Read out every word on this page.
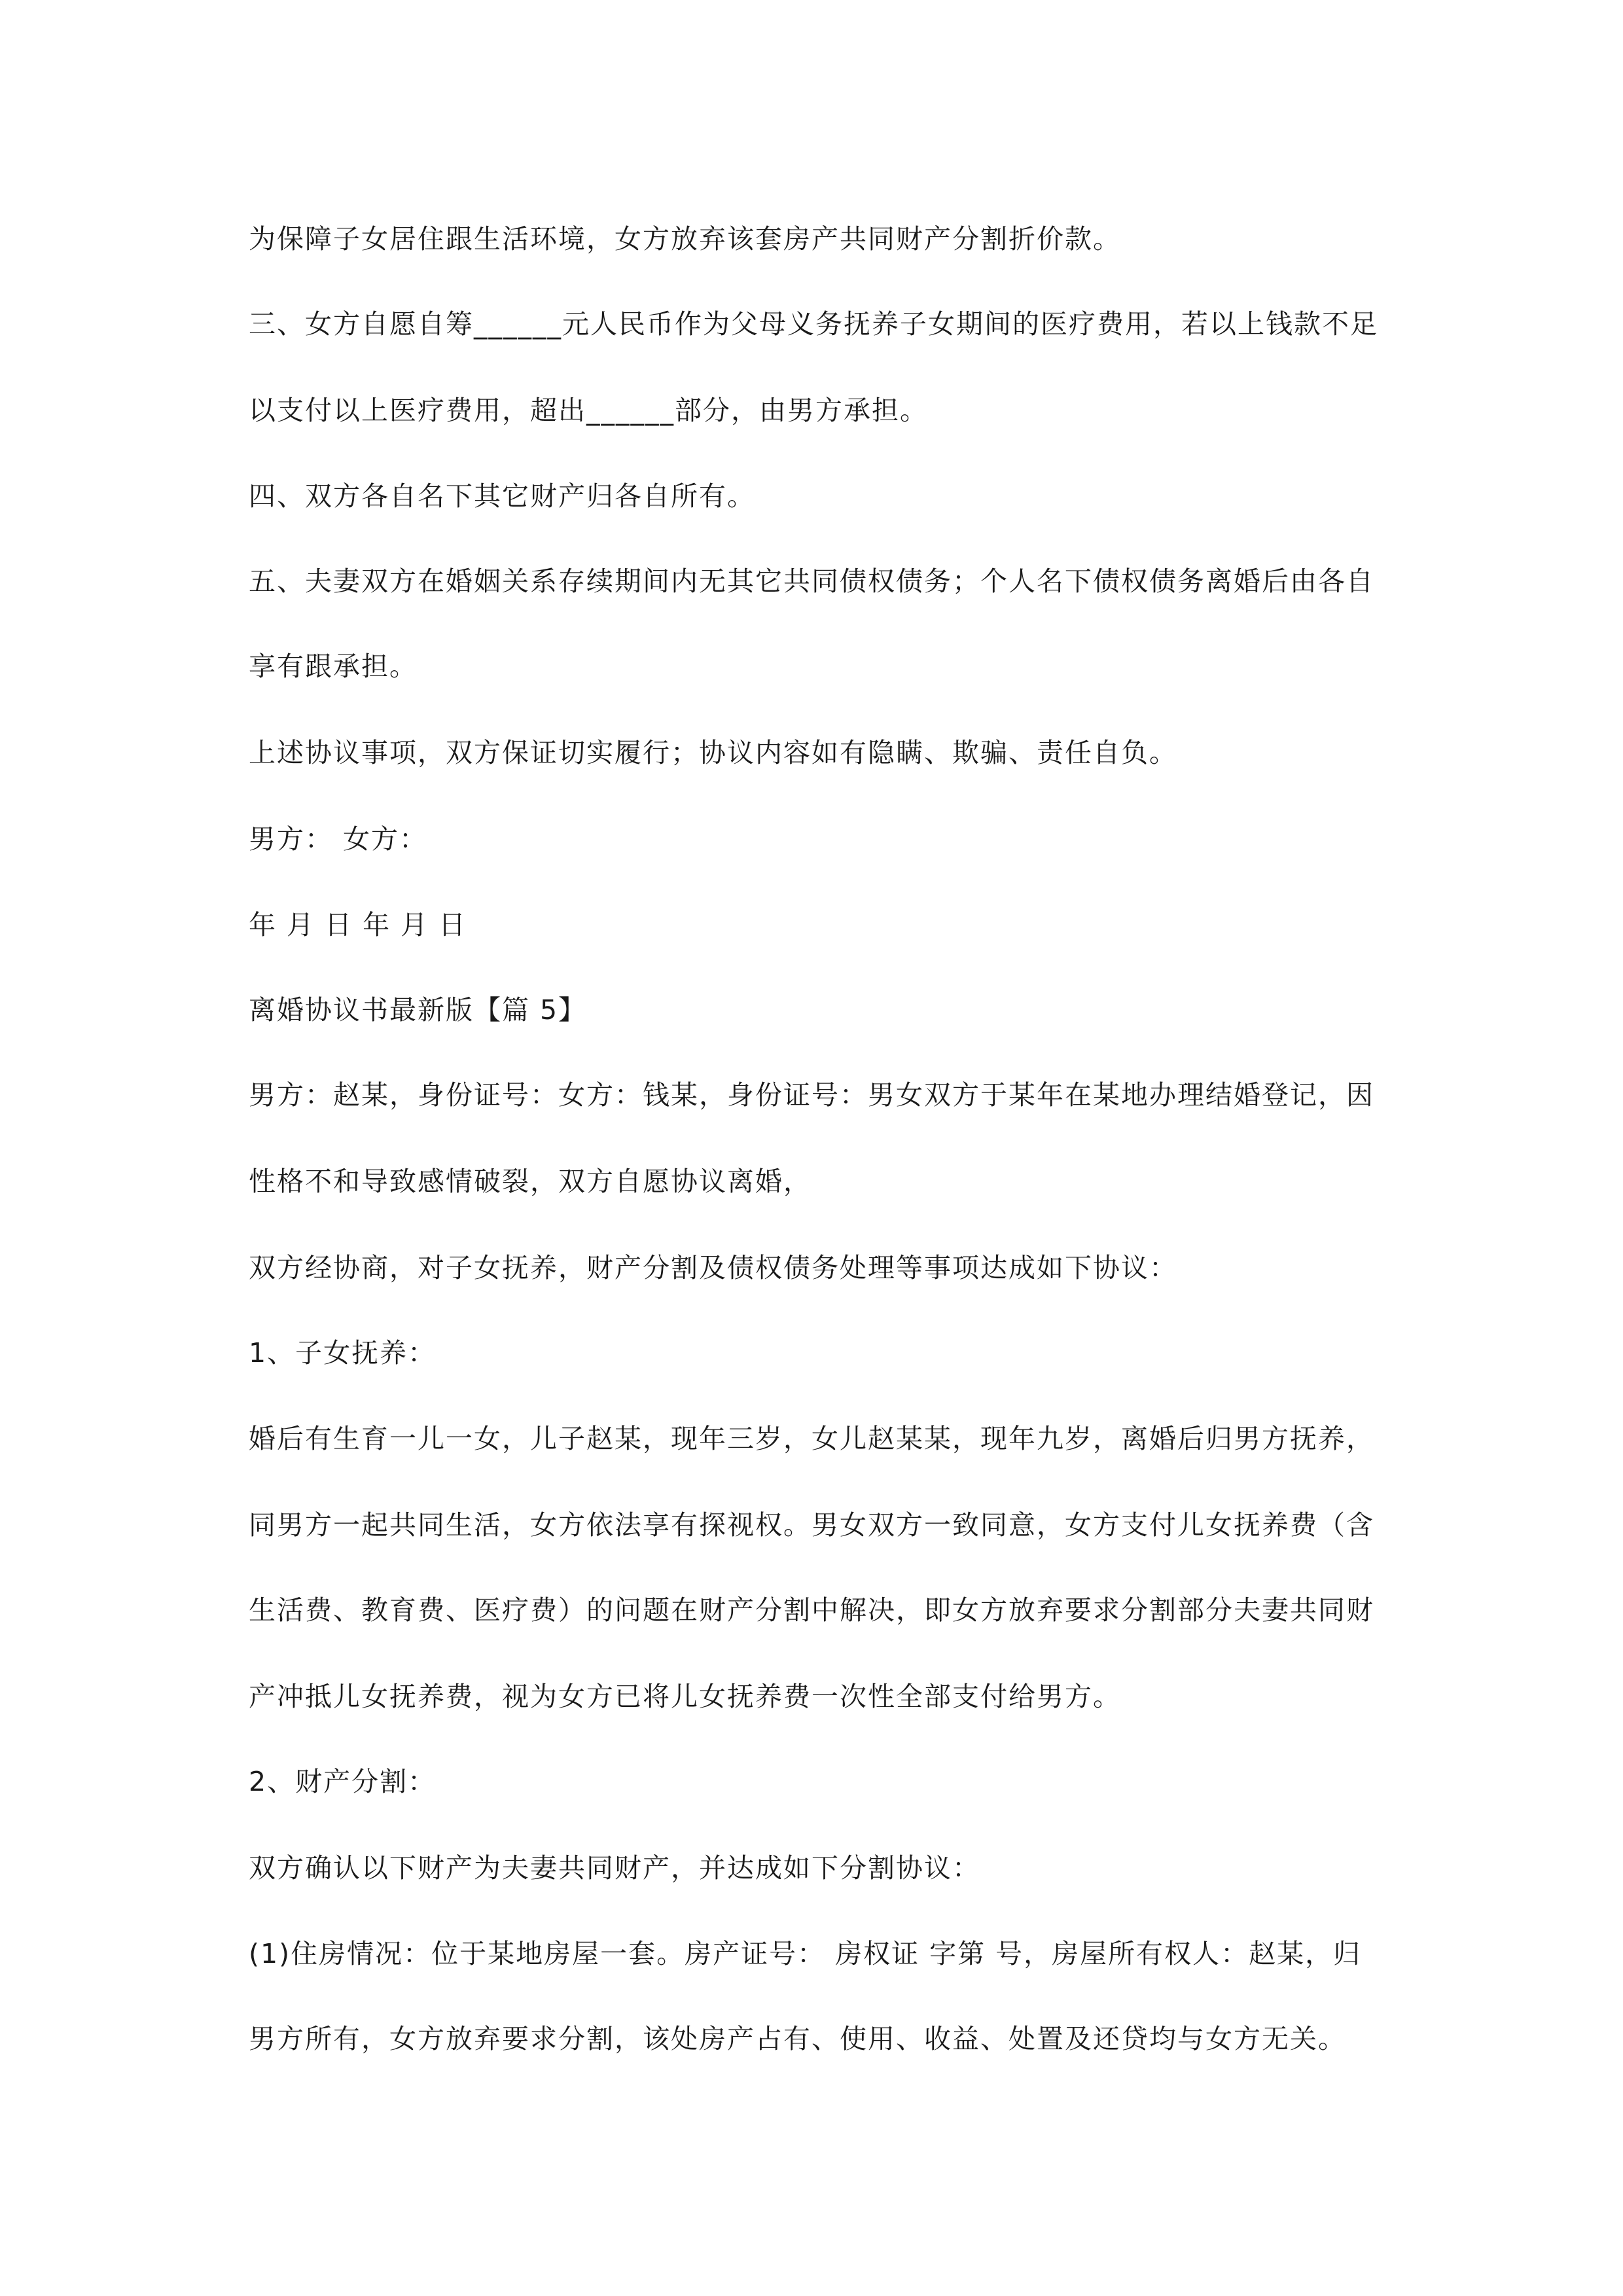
为保障子女居住跟生活环境，女方放弃该套房产共同财产分割折价款。
三、女方自愿自筹______元人民币作为父母义务抚养子女期间的医疗费用，若以上钱款不足
以支付以上医疗费用，超出______部分，由男方承担。
四、双方各自名下其它财产归各自所有。
五、夫妻双方在婚姻关系存续期间内无其它共同债权债务；个人名下债权债务离婚后由各自
享有跟承担。
上述协议事项，双方保证切实履行；协议内容如有隐瞒、欺骗、责任自负。
男方： 女方：
年 月 日 年 月 日
离婚协议书最新版【篇 5】
男方：赵某，身份证号：女方：钱某，身份证号：男女双方于某年在某地办理结婚登记，因
性格不和导致感情破裂，双方自愿协议离婚，
双方经协商，对子女抚养，财产分割及债权债务处理等事项达成如下协议：
1、子女抚养：
婚后有生育一儿一女，儿子赵某，现年三岁，女儿赵某某，现年九岁，离婚后归男方抚养，
同男方一起共同生活，女方依法享有探视权。男女双方一致同意，女方支付儿女抚养费（含
生活费、教育费、医疗费）的问题在财产分割中解决，即女方放弃要求分割部分夫妻共同财
产冲抵儿女抚养费，视为女方已将儿女抚养费一次性全部支付给男方。
2、财产分割：
双方确认以下财产为夫妻共同财产，并达成如下分割协议：
(1)住房情况：位于某地房屋一套。房产证号： 房权证 字第 号，房屋所有权人：赵某，归
男方所有，女方放弃要求分割，该处房产占有、使用、收益、处置及还贷均与女方无关。
